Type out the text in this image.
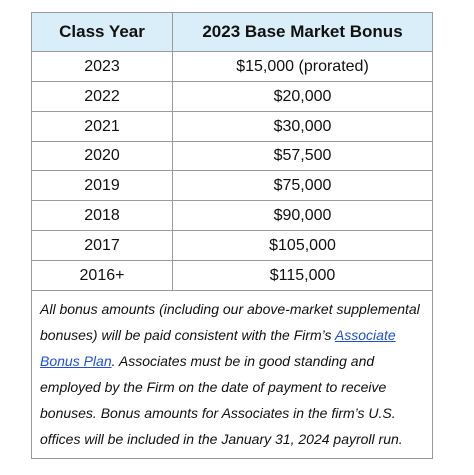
Class Year	2023 Base Market Bonus
2023	$15,000 (prorated)
2022	$20,000
2021	$30,000
2020	$57,500
2019	$75,000
2018	$90,000
2017	$105,000
2016+	$115,000
All bonus amounts (including our above-market supplemental bonuses) will be paid consistent with the Firm’s Associate Bonus Plan. Associates must be in good standing and employed by the Firm on the date of payment to receive bonuses. Bonus amounts for Associates in the firm’s U.S. offices will be included in the January 31, 2024 payroll run.	
